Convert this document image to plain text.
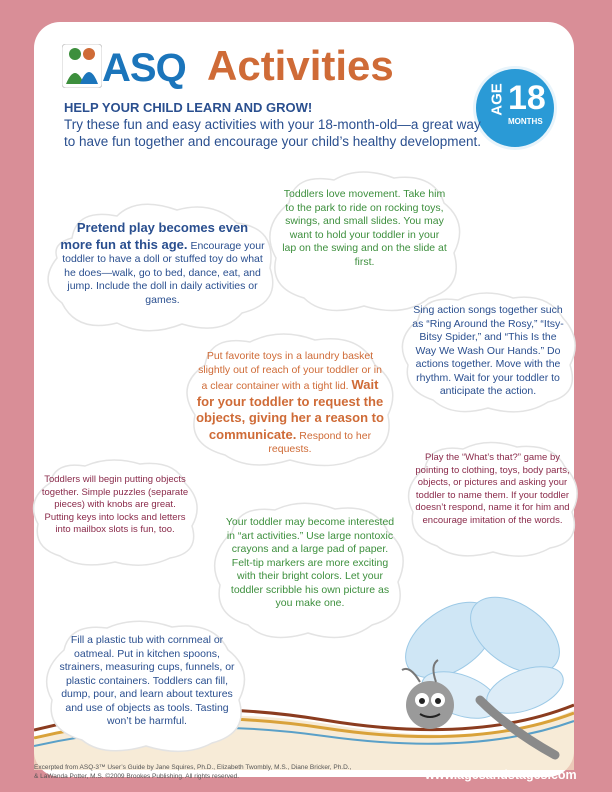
ASQ Activities
AGE 18
MONTHS
HELP YOUR CHILD LEARN AND GROW!
Try these fun and easy activities with your 18-month-old—a great way to have fun together and encourage your child’s healthy development.
Pretend play becomes even more fun at this age. Encourage your toddler to have a doll or stuffed toy do what he does—walk, go to bed, dance, eat, and jump. Include the doll in daily activities or games.
Toddlers love movement. Take him to the park to ride on rocking toys, swings, and small slides. You may want to hold your toddler in your lap on the swing and on the slide at first.
Sing action songs together such as “Ring Around the Rosy,” “Itsy-Bitsy Spider,” and “This Is the Way We Wash Our Hands.” Do actions together. Move with the rhythm. Wait for your toddler to anticipate the action.
Put favorite toys in a laundry basket slightly out of reach of your toddler or in a clear container with a tight lid. Wait for your toddler to request the objects, giving her a reason to communicate. Respond to her requests.
Toddlers will begin putting objects together. Simple puzzles (separate pieces) with knobs are great. Putting keys into locks and letters into mailbox slots is fun, too.
Play the “What’s that?” game by pointing to clothing, toys, body parts, objects, or pictures and asking your toddler to name them. If your toddler doesn’t respond, name it for him and encourage imitation of the words.
Your toddler may become interested in “art activities.” Use large nontoxic crayons and a large pad of paper. Felt-tip markers are more exciting with their bright colors. Let your toddler scribble his own picture as you make one.
Fill a plastic tub with cornmeal or oatmeal. Put in kitchen spoons, strainers, measuring cups, funnels, or plastic containers. Toddlers can fill, dump, pour, and learn about textures and use of objects as tools. Tasting won’t be harmful.
Excerpted from ASQ-3™ User’s Guide by Jane Squires, Ph.D., Elizabeth Twombly, M.S., Diane Bricker, Ph.D., & LaWanda Potter, M.S. ©2009 Brookes Publishing. All rights reserved.	www.agesandstages.com
